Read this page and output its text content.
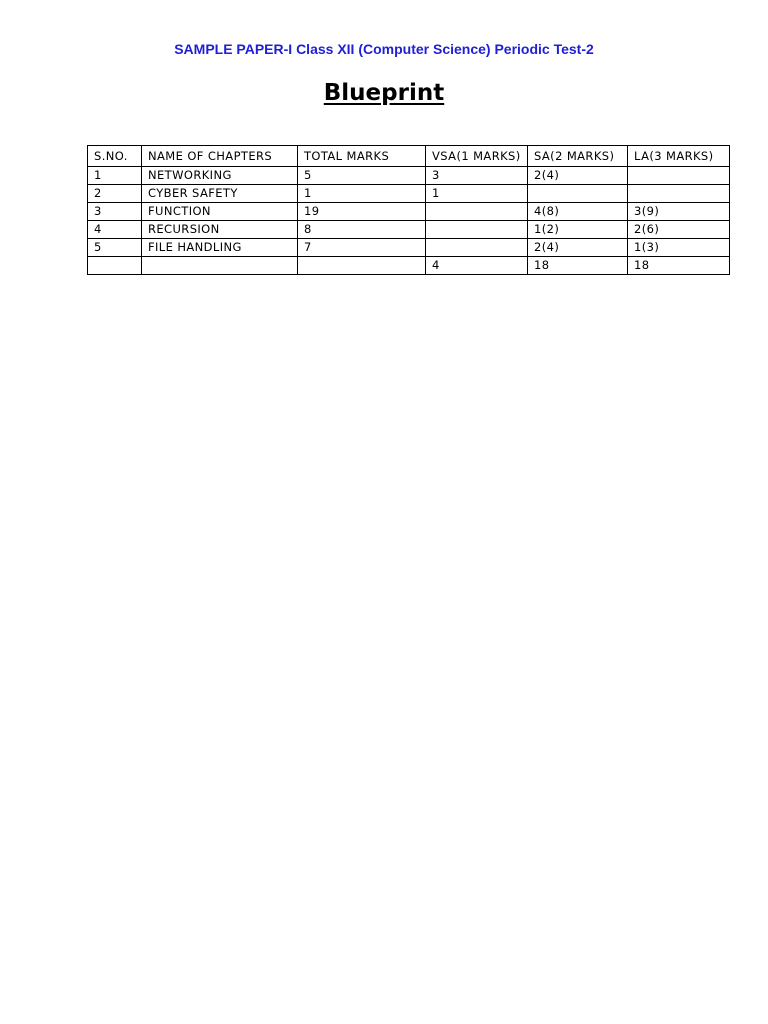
SAMPLE PAPER-I Class XII (Computer Science) Periodic Test-2
Blueprint
S.NO.	NAME OF CHAPTERS	TOTAL MARKS	VSA(1 MARKS)	SA(2 MARKS)	LA(3 MARKS)
1	NETWORKING	5	3	2(4)	
2	CYBER SAFETY	1	1		
3	FUNCTION	19		4(8)	3(9)
4	RECURSION	8		1(2)	2(6)
5	FILE HANDLING	7		2(4)	1(3)
			4	18	18
